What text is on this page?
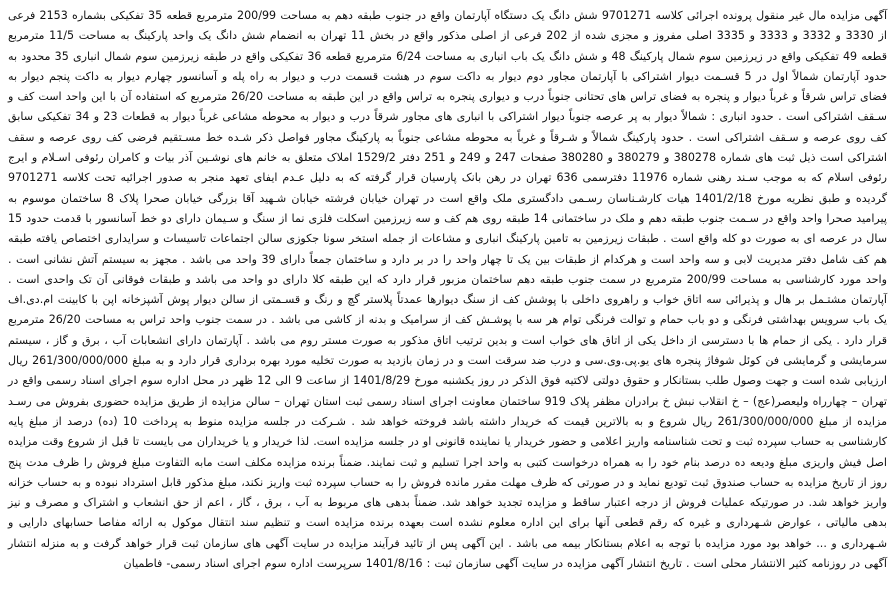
آگهی مزایده مال غیر منقول پرونده اجرائی کلاسه 9701271 شش دانگ یک دستگاه آپارتمان واقع در جنوب طبقه دهم به مساحت 200/99 مترمربع قطعه 35 تفکیکی بشماره 2153 فرعی از 3330 و 3332 و 3333 و 3335 اصلی مفروز و مجزی شده از 202 فرعی از اصلی مذکور واقع در بخش 11 تهران به انضمام شش دانگ یک واحد پارکینگ به مساحت 11/5 مترمربع قطعه 49 تفکیکی واقع در زیرزمین سوم شمال پارکینگ 48 و شش دانگ یک باب انباری به مساحت 6/24 مترمربع قطعه 36 تفکیکی واقع در طبقه زیرزمین سوم شمال انباری 35 محدود به حدود آپارتمان شمالاً اول در 5 قسـمت دیوار اشتراکی با آپارتمان مجاور دوم دیوار به داکت سوم در هشت قسمت درب و دیوار به راه پله و آسانسور چهارم دیوار به داکت پنجم دیوار به فضای تراس شرقاً و غرباً دیوار و پنجره به فضای تراس های تحتانی جنوباً درب و دیواری پنجره به تراس واقع در این طبقه به مساحت 26/20 مترمربع که استفاده آن با این واحد است کف و سـقف اشتراکی است . حدود انباری : شمالاً دیوار به پر عرصه جنوباً دیوار اشتراکی با انباری های مجاور شرقاً درب و دیوار به محوطه مشاعی غرباً دیوار به قطعات 23 و 34 تفکیکی سابق کف روی عرصه و سـقف اشتراکی است . حدود پارکینگ شمالاً و شـرقاً و غرباً به محوطه مشاعی جنوباً به پارکینگ مجاور فواصل ذکر شـده خط مسـتقیم فرضی کف روی عرصه و سقف اشتراکی است ذیل ثبت های شماره 380278 و 380279 و 380280 صفحات 247 و 249 و 251 دفتر 1529/2 املاک متعلق به خانم های نوشـین آذر بیات و کامران رئوفی اسـلام و ایرج رئوفی اسلام که به موجب سـند رهنی شماره 11976 دفترسمی 636 تهران در رهن بانک پارسیان قرار گرفته که به دلیل عـدم ایفای تعهد منجر به صدور اجرائیه تحت کلاسه 9701271 گردیده و طبق نظریه مورخ 1401/2/18 هیات کارشـناسان رسـمی دادگستری ملک واقع است در تهران خیابان فرشته خیابان شـهید آقا بزرگی خیابان صحرا پلاک 8 ساختمان موسوم به پیرامید صحرا واحد واقع در سـمت جنوب طبقه دهم و ملک در ساختمانی 14 طبقه روی هم کف و سه زیرزمین اسکلت فلزی نما از سنگ و سـیمان دارای دو خط آسانسور با قدمت حدود 15 سال در عرصه ای به صورت دو کله واقع است . طبقات زیرزمین به تامین پارکینگ انباری و مشاعات از جمله استخر سونا جکوزی سالن اجتماعات تاسیسات و سرایداری اختصاص یافته طبقه هم کف شامل دفتر مدیریت لابی و سه واحد است و هرکدام از طبقات بین یک تا چهار واحد را در بر دارد و ساختمان جمعاً دارای 39 واحد می باشد . مجهز به سیستم آتش نشانی است . واحد مورد کارشناسی به مساحت 200/99 مترمربع در سمت جنوب طبقه دهم ساختمان مزبور قرار دارد که این طبقه کلا دارای دو واحد می باشد و طبقات فوقانی آن تک واحدی است . آپارتمان مشتـمل بر هال و پذیرائی سه اتاق خواب و راهروی داخلی با پوشش کف از سنگ دیوارها عمدتاً پلاستر گچ و رنگ و قسـمتی از سالن دیوار پوش آشپزخانه اپن با کابینت ام.دی.اف یک باب سرویس بهداشتی فرنگی و دو باب حمام و توالت فرنگی توام هر سه با پوشـش کف از سرامیک و بدنه از کاشی می باشد . در سمت جنوب واحد تراس به مساحت 26/20 مترمربع قرار دارد . یکی از حمام ها با دسترسی از داخل یکی از اتاق های خواب است و بدین ترتیب اتاق مذکور به صورت مستر روم می باشد . آپارتمان دارای انشعابات آب ، برق و گاز ، سیستم سرمایشی و گرمایشی فن کوئل شوفاژ پنجره های یو.پی.وی.سی و درب ضد سرقت است و در زمان بازدید به صورت تخلیه مورد بهره برداری قرار دارد و به مبلغ 261/300/000/000 ریال ارزیابی شده است و جهت وصول طلب بستانکار و حقوق دولتی لاکتیه فوق الذکر در روز یکشنبه مورخ 1401/8/29 از ساعت 9 الی 12 ظهر در محل اداره سوم اجرای اسناد رسمی واقع در تهران – چهارراه ولیعصر(عج) – خ انقلاب نبش خ برادران مظفر پلاک 919 ساختمان معاونت اجرای اسناد رسمی ثبت استان تهران – سالن مزایده از طریق مزایده حضوری بفروش می رسـد مزایده از مبلغ 261/300/000/000 ریال شروع و به بالاترین قیمت که خریدار داشته باشد فروخته خواهد شد . شـرکت در جلسه مزایده منوط به پرداخت 10 (ده) درصد از مبلغ پایه کارشناسی به حساب سپرده ثبت و تحت شناسنامه واریز اعلامی و حضور خریدار یا نماینده قانونی او در جلسه مزایده است. لذا خریدار و یا خریداران می بایست تا قبل از شروع وقت مزایده اصل فیش واریزی مبلغ ودیعه ده درصد بنام خود را به همراه درخواست کتبی به واحد اجرا تسلیم و ثبت نمایند. ضمناً برنده مزایده مکلف است مابه التفاوت مبلغ فروش را ظرف مدت پنج روز از تاریخ مزایده به حساب صندوق ثبت تودیع نماید و در صورتی که ظرف مهلت مقرر مانده فروش را به حساب سپرده ثبت واریز نکند، مبلغ مذکور قابل استرداد نبوده و به حساب خزانه واریز خواهد شد. در صورتیکه عملیات فروش از درجه اعتبار ساقط و مزایده تجدید خواهد شد. ضمناً بدهی های مربوط به آب ، برق ، گاز ، اعم از حق انشعاب و اشتراک و مصرف و نیز بدهی مالیاتی ، عوارض شـهرداری و غیره که رقم قطعی آنها برای این اداره معلوم نشده است بعهده برنده مزایده است و تنظیم سند انتقال موکول به ارائه مفاصا حسابهای دارایی و شـهرداری و ... خواهد بود مورد مزایده با توجه به اعلام بستانکار بیمه می باشد . این آگهی پس از تائید فرآیند مزایده در سایت آگهی های سازمان ثبت قرار خواهد گرفت و به منزله انتشار آگهی در روزنامه کثیر الانتشار محلی است . تاریخ انتشار آگهی مزایده در سایت آگهی سازمان ثبت : 1401/8/16 سرپرست اداره سوم اجرای اسناد رسمی- فاطمیان
